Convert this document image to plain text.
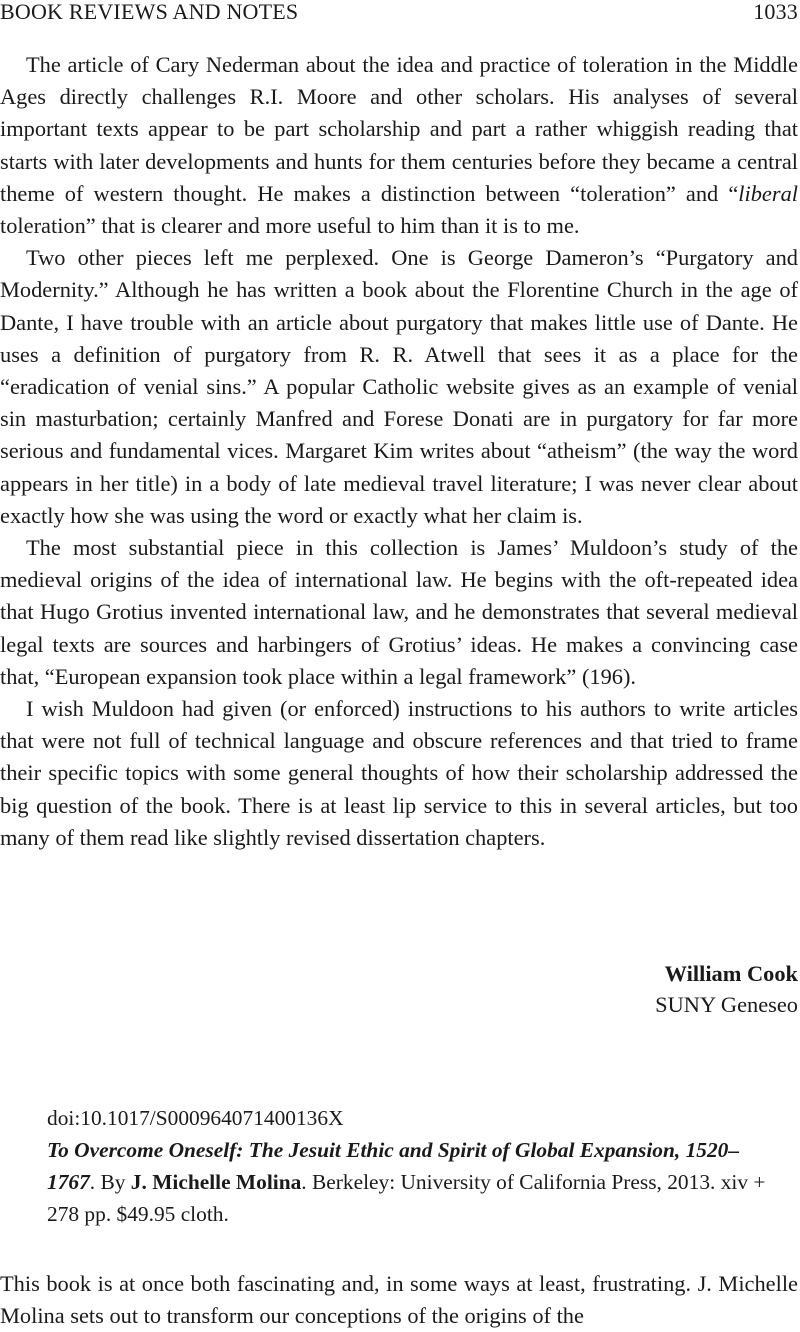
BOOK REVIEWS AND NOTES	1033

The article of Cary Nederman about the idea and practice of toleration in the Middle Ages directly challenges R.I. Moore and other scholars. His analyses of several important texts appear to be part scholarship and part a rather whiggish reading that starts with later developments and hunts for them centuries before they became a central theme of western thought. He makes a distinction between “toleration” and “liberal toleration” that is clearer and more useful to him than it is to me.

Two other pieces left me perplexed. One is George Dameron’s “Purgatory and Modernity.” Although he has written a book about the Florentine Church in the age of Dante, I have trouble with an article about purgatory that makes little use of Dante. He uses a definition of purgatory from R. R. Atwell that sees it as a place for the “eradication of venial sins.” A popular Catholic website gives as an example of venial sin masturbation; certainly Manfred and Forese Donati are in purgatory for far more serious and fundamental vices. Margaret Kim writes about “atheism” (the way the word appears in her title) in a body of late medieval travel literature; I was never clear about exactly how she was using the word or exactly what her claim is.

The most substantial piece in this collection is James’ Muldoon’s study of the medieval origins of the idea of international law. He begins with the oft-repeated idea that Hugo Grotius invented international law, and he demonstrates that several medieval legal texts are sources and harbingers of Grotius’ ideas. He makes a convincing case that, “European expansion took place within a legal framework” (196).

I wish Muldoon had given (or enforced) instructions to his authors to write articles that were not full of technical language and obscure references and that tried to frame their specific topics with some general thoughts of how their scholarship addressed the big question of the book. There is at least lip service to this in several articles, but too many of them read like slightly revised dissertation chapters.

William Cook
SUNY Geneseo

doi:10.1017/S000964071400136X

To Overcome Oneself: The Jesuit Ethic and Spirit of Global Expansion, 1520–1767. By J. Michelle Molina. Berkeley: University of California Press, 2013. xiv + 278 pp. $49.95 cloth.

This book is at once both fascinating and, in some ways at least, frustrating. J. Michelle Molina sets out to transform our conceptions of the origins of the
